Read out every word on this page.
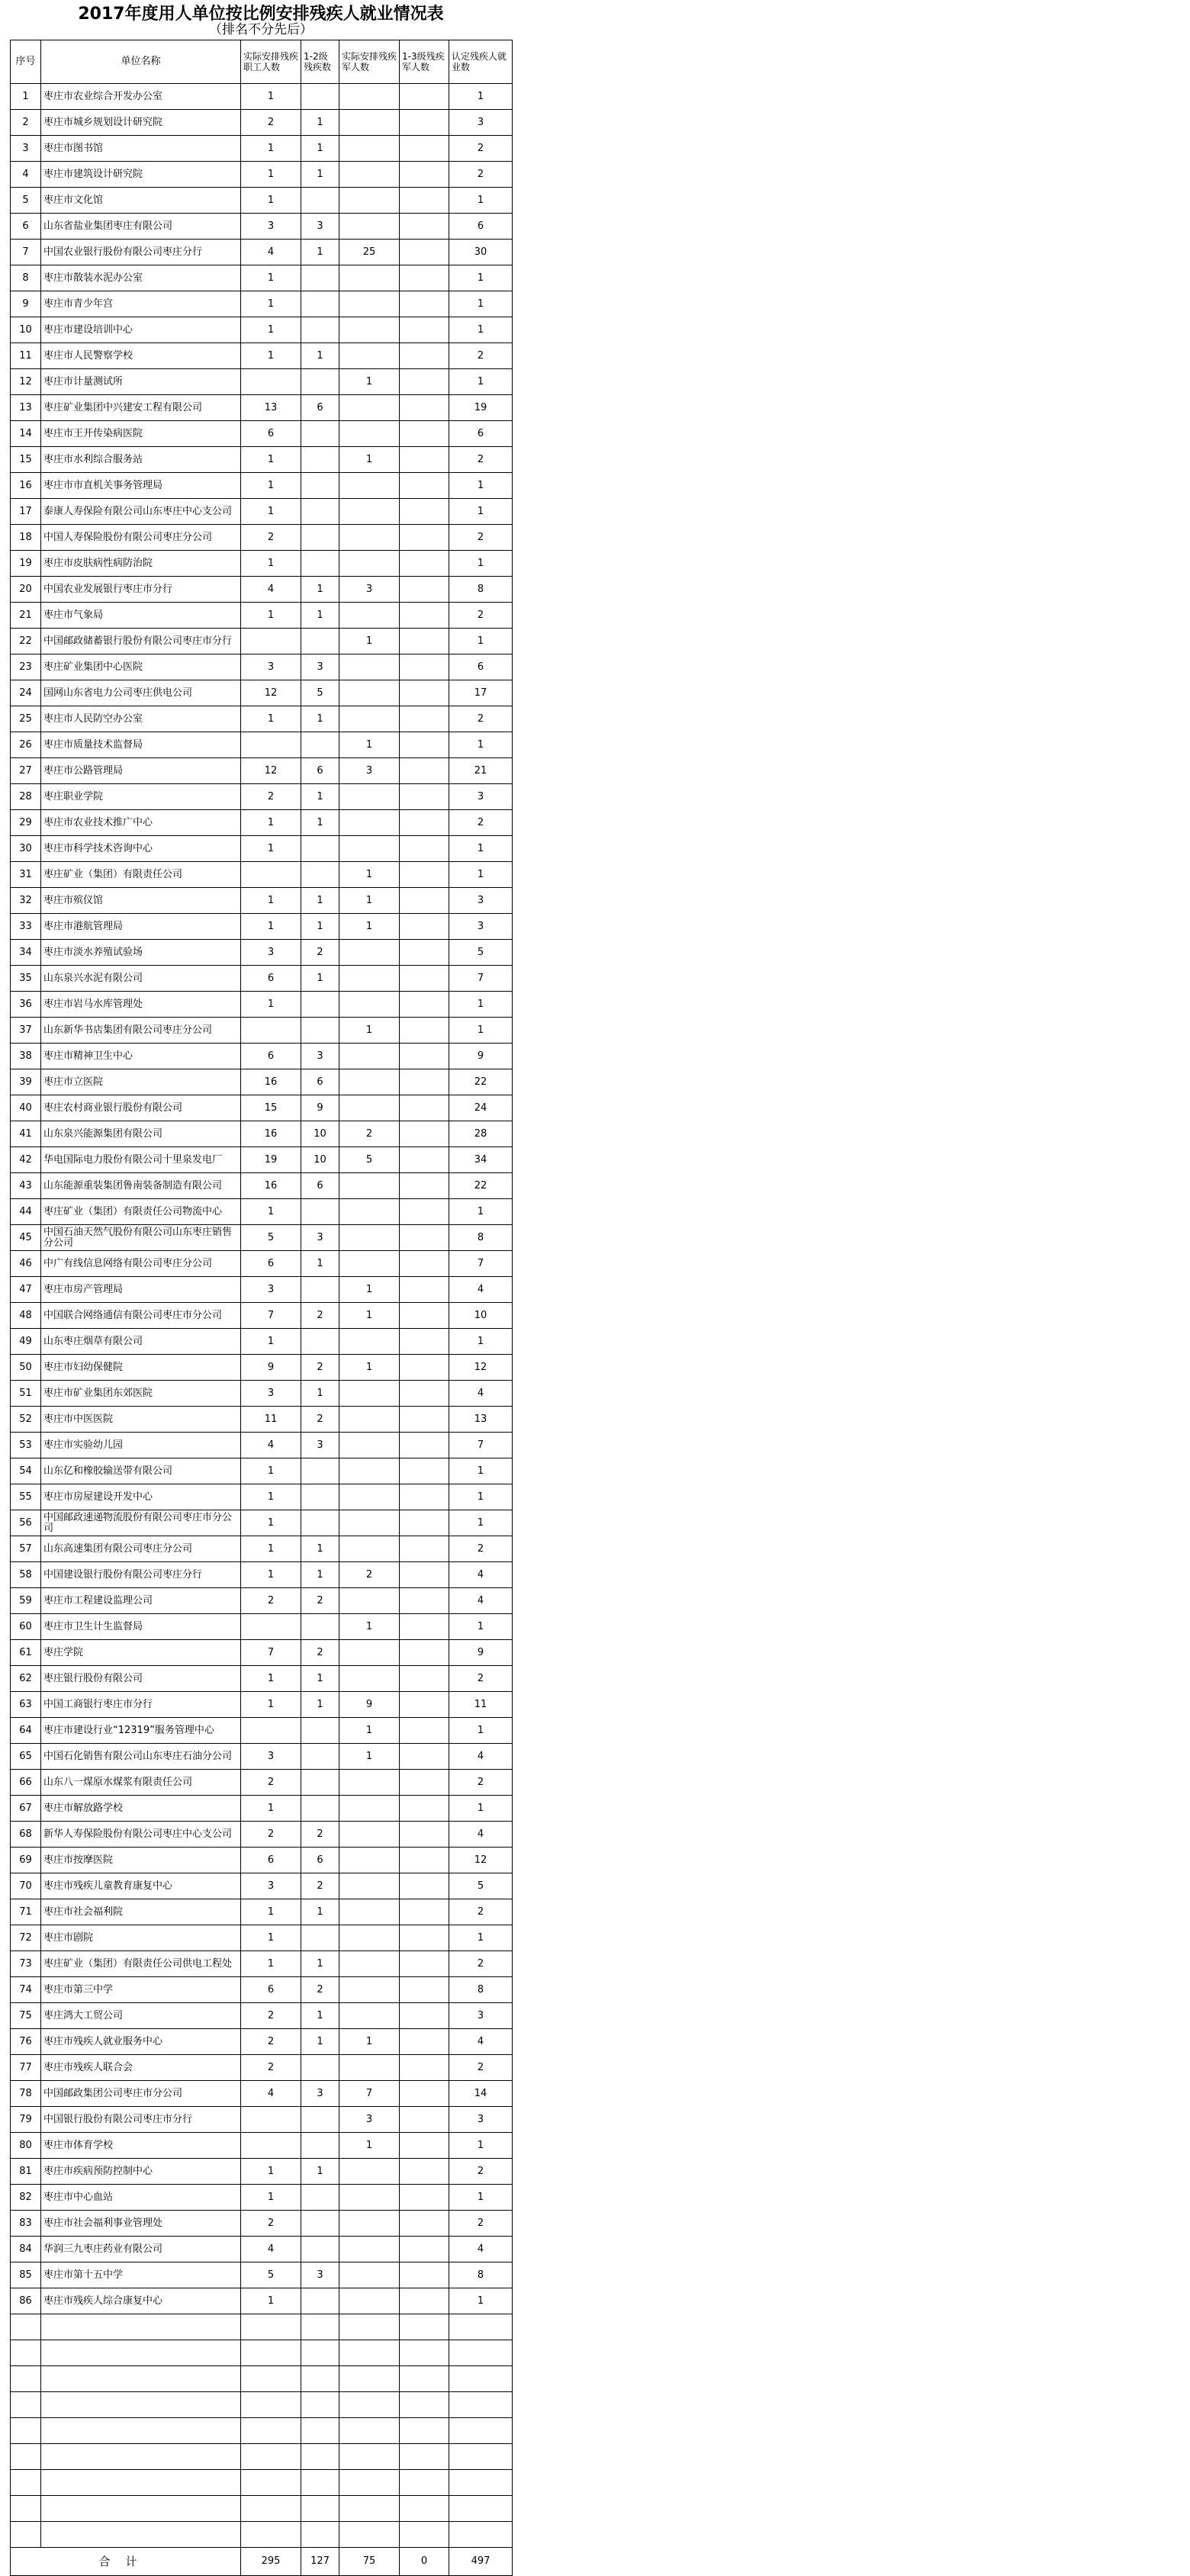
2017年度用人单位按比例安排残疾人就业情况表
（排名不分先后）
序号	单位名称	实际安排残疾职工人数	1-2级残疾数	实际安排残疾军人数	1-3级残疾军人数	认定残疾人就业数
1	枣庄市农业综合开发办公室	1				1
2	枣庄市城乡规划设计研究院	2	1			3
3	枣庄市图书馆	1	1			2
4	枣庄市建筑设计研究院	1	1			2
5	枣庄市文化馆	1				1
6	山东省盐业集团枣庄有限公司	3	3			6
7	中国农业银行股份有限公司枣庄分行	4	1	25		30
8	枣庄市散装水泥办公室	1				1
9	枣庄市青少年宫	1				1
10	枣庄市建设培训中心	1				1
11	枣庄市人民警察学校	1	1			2
12	枣庄市计量测试所			1		1
13	枣庄矿业集团中兴建安工程有限公司	13	6			19
14	枣庄市王开传染病医院	6				6
15	枣庄市水利综合服务站	1		1		2
16	枣庄市市直机关事务管理局	1				1
17	泰康人寿保险有限公司山东枣庄中心支公司	1				1
18	中国人寿保险股份有限公司枣庄分公司	2				2
19	枣庄市皮肤病性病防治院	1				1
20	中国农业发展银行枣庄市分行	4	1	3		8
21	枣庄市气象局	1	1			2
22	中国邮政储蓄银行股份有限公司枣庄市分行			1		1
23	枣庄矿业集团中心医院	3	3			6
24	国网山东省电力公司枣庄供电公司	12	5			17
25	枣庄市人民防空办公室	1	1			2
26	枣庄市质量技术监督局			1		1
27	枣庄市公路管理局	12	6	3		21
28	枣庄职业学院	2	1			3
29	枣庄市农业技术推广中心	1	1			2
30	枣庄市科学技术咨询中心	1				1
31	枣庄矿业（集团）有限责任公司			1		1
32	枣庄市殡仪馆	1	1	1		3
33	枣庄市港航管理局	1	1	1		3
34	枣庄市淡水养殖试验场	3	2			5
35	山东泉兴水泥有限公司	6	1			7
36	枣庄市岩马水库管理处	1				1
37	山东新华书店集团有限公司枣庄分公司			1		1
38	枣庄市精神卫生中心	6	3			9
39	枣庄市立医院	16	6			22
40	枣庄农村商业银行股份有限公司	15	9			24
41	山东泉兴能源集团有限公司	16	10	2		28
42	华电国际电力股份有限公司十里泉发电厂	19	10	5		34
43	山东能源重装集团鲁南装备制造有限公司	16	6			22
44	枣庄矿业（集团）有限责任公司物流中心	1				1
45	中国石油天然气股份有限公司山东枣庄销售分公司	5	3			8
46	中广有线信息网络有限公司枣庄分公司	6	1			7
47	枣庄市房产管理局	3		1		4
48	中国联合网络通信有限公司枣庄市分公司	7	2	1		10
49	山东枣庄烟草有限公司	1				1
50	枣庄市妇幼保健院	9	2	1		12
51	枣庄市矿业集团东郊医院	3	1			4
52	枣庄市中医医院	11	2			13
53	枣庄市实验幼儿园	4	3			7
54	山东亿和橡胶输送带有限公司	1				1
55	枣庄市房屋建设开发中心	1				1
56	中国邮政速递物流股份有限公司枣庄市分公司	1				1
57	山东高速集团有限公司枣庄分公司	1	1			2
58	中国建设银行股份有限公司枣庄分行	1	1	2		4
59	枣庄市工程建设监理公司	2	2			4
60	枣庄市卫生计生监督局			1		1
61	枣庄学院	7	2			9
62	枣庄银行股份有限公司	1	1			2
63	中国工商银行枣庄市分行	1	1	9		11
64	枣庄市建设行业“12319”服务管理中心			1		1
65	中国石化销售有限公司山东枣庄石油分公司	3		1		4
66	山东八一煤原水煤浆有限责任公司	2				2
67	枣庄市解放路学校	1				1
68	新华人寿保险股份有限公司枣庄中心支公司	2	2			4
69	枣庄市按摩医院	6	6			12
70	枣庄市残疾儿童教育康复中心	3	2			5
71	枣庄市社会福利院	1	1			2
72	枣庄市剧院	1				1
73	枣庄矿业（集团）有限责任公司供电工程处	1	1			2
74	枣庄市第三中学	6	2			8
75	枣庄鸿大工贸公司	2	1			3
76	枣庄市残疾人就业服务中心	2	1	1		4
77	枣庄市残疾人联合会	2				2
78	中国邮政集团公司枣庄市分公司	4	3	7		14
79	中国银行股份有限公司枣庄市分行			3		3
80	枣庄市体育学校			1		1
81	枣庄市疾病预防控制中心	1	1			2
82	枣庄市中心血站	1				1
83	枣庄市社会福利事业管理处	2				2
84	华润三九枣庄药业有限公司	4				4
85	枣庄市第十五中学	5	3			8
86	枣庄市残疾人综合康复中心	1				1

合计		295	127	75	0	497
